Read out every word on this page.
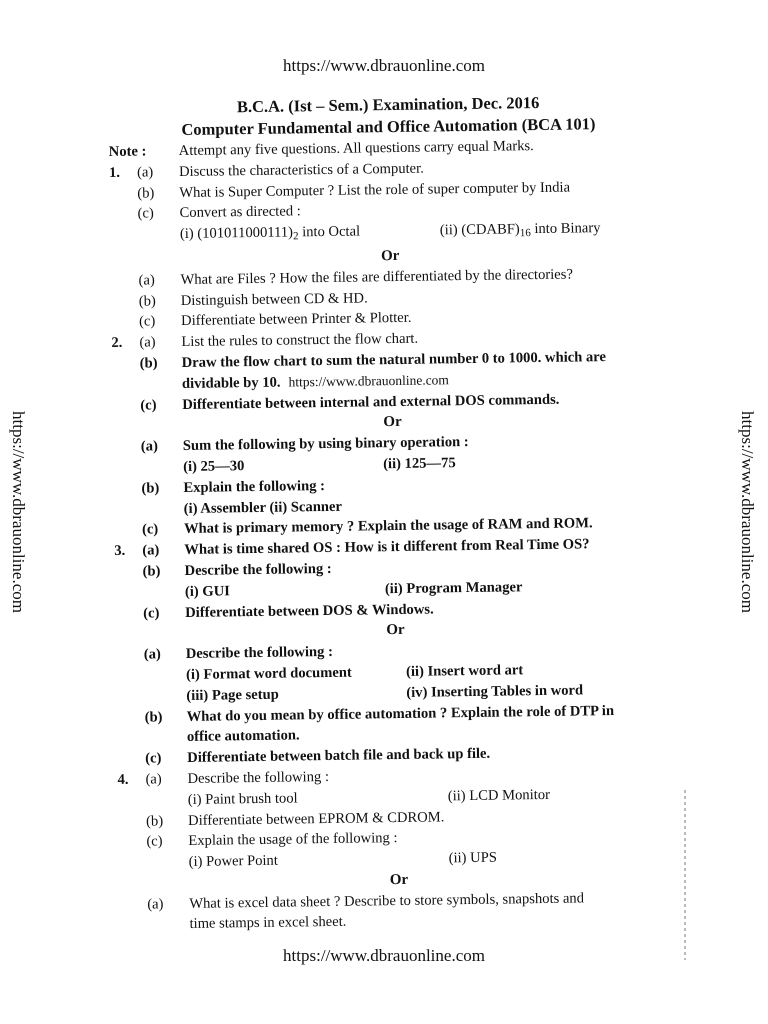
https://www.dbrauonline.com
https://www.dbrauonline.com	https://www.dbrauonline.com
B.C.A. (Ist – Sem.) Examination, Dec. 2016
Computer Fundamental and Office Automation (BCA 101)
Note : Attempt any five questions. All questions carry equal Marks.
1.	(a)	Discuss the characteristics of a Computer.
(b)	What is Super Computer ? List the role of super computer by India
(c)	Convert as directed :
(i) $(101011000111)_2$ into Octal	(ii) $(CDABF)_{16}$ into Binary
Or
(a)	What are Files ? How the files are differentiated by the directories?
(b)	Distinguish between CD & HD.
(c)	Differentiate between Printer & Plotter.
2.	(a)	List the rules to construct the flow chart.
(b)	Draw the flow chart to sum the natural number 0 to 1000. which are
dividable by 10. https://www.dbrauonline.com
(c)	Differentiate between internal and external DOS commands.
Or
(a)	Sum the following by using binary operation :
(i) 25—30	(ii) 125—75
(b)	Explain the following :
(i) Assembler (ii) Scanner
(c)	What is primary memory ? Explain the usage of RAM and ROM.
3.	(a)	What is time shared OS : How is it different from Real Time OS?
(b)	Describe the following :
(i) GUI	(ii) Program Manager
(c)	Differentiate between DOS & Windows.
Or
(a)	Describe the following :
(i) Format word document	(ii) Insert word art
(iii) Page setup	(iv) Inserting Tables in word
(b)	What do you mean by office automation ? Explain the role of DTP in
office automation.
(c)	Differentiate between batch file and back up file.
4.	(a)	Describe the following :
(i) Paint brush tool	(ii) LCD Monitor
(b)	Differentiate between EPROM & CDROM.
(c)	Explain the usage of the following :
(i) Power Point	(ii) UPS
Or
(a)	What is excel data sheet ? Describe to store symbols, snapshots and
time stamps in excel sheet.
https://www.dbrauonline.com
